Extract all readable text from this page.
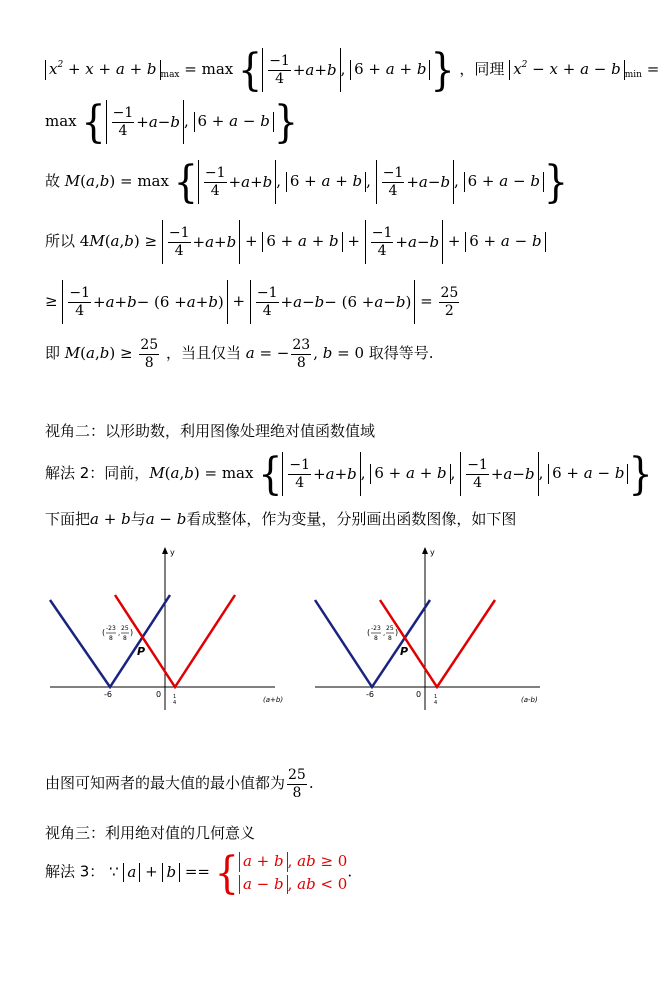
$x^2 + x + a + b$ $_{max}$ = max { $\frac{-1}{4} + a + b$ , 6 + a + b } ，同理 $x^2 - x + a - b$ $_{min}$ =
max { $\frac{-1}{4} + a - b$ , 6 + a − b }
故 M(a,b) = max { $\frac{-1}{4} + a + b$ , 6 + a + b , $\frac{-1}{4} + a - b$ , 6 + a − b }
所以 $4M(a,b) \ge \frac{-1}{4} + a + b + 6 + a + b + \frac{-1}{4} + a - b + 6 + a - b$
≥ $\frac{-1}{4} + a + b - (6 + a + b$ ) + $\frac{-1}{4} + a - b - (6 + a - b$ ) = $\frac{25}{2}$
即 $M(a,b) \ge \frac{25}{8}$ ，当且仅当 a = − $\frac{23}{8}$ , b = 0 取得等号.
视角二：以形助数，利用图像处理绝对值函数值域
解法 2：同前，M(a,b) = max { $\frac{-1}{4} + a + b$ , 6 + a + b , $\frac{-1}{4} + a - b$ , 6 + a − b }
下面把a + b与a − b看成整体，作为变量，分别画出函数图像，如下图
y
-6	0 1
4	(a+b)
( -23
8
,
25
8
)
P
y
-6	0	1
4	(a-b)
( -23
8
,
25
8
)
P
由图可知两者的最大值的最小值都为 $\frac{25}{8}$ .
视角三：利用绝对值的几何意义
解法 3： ∵ a + b == { a + b , ab ≥ 0
a − b , ab < 0
.
